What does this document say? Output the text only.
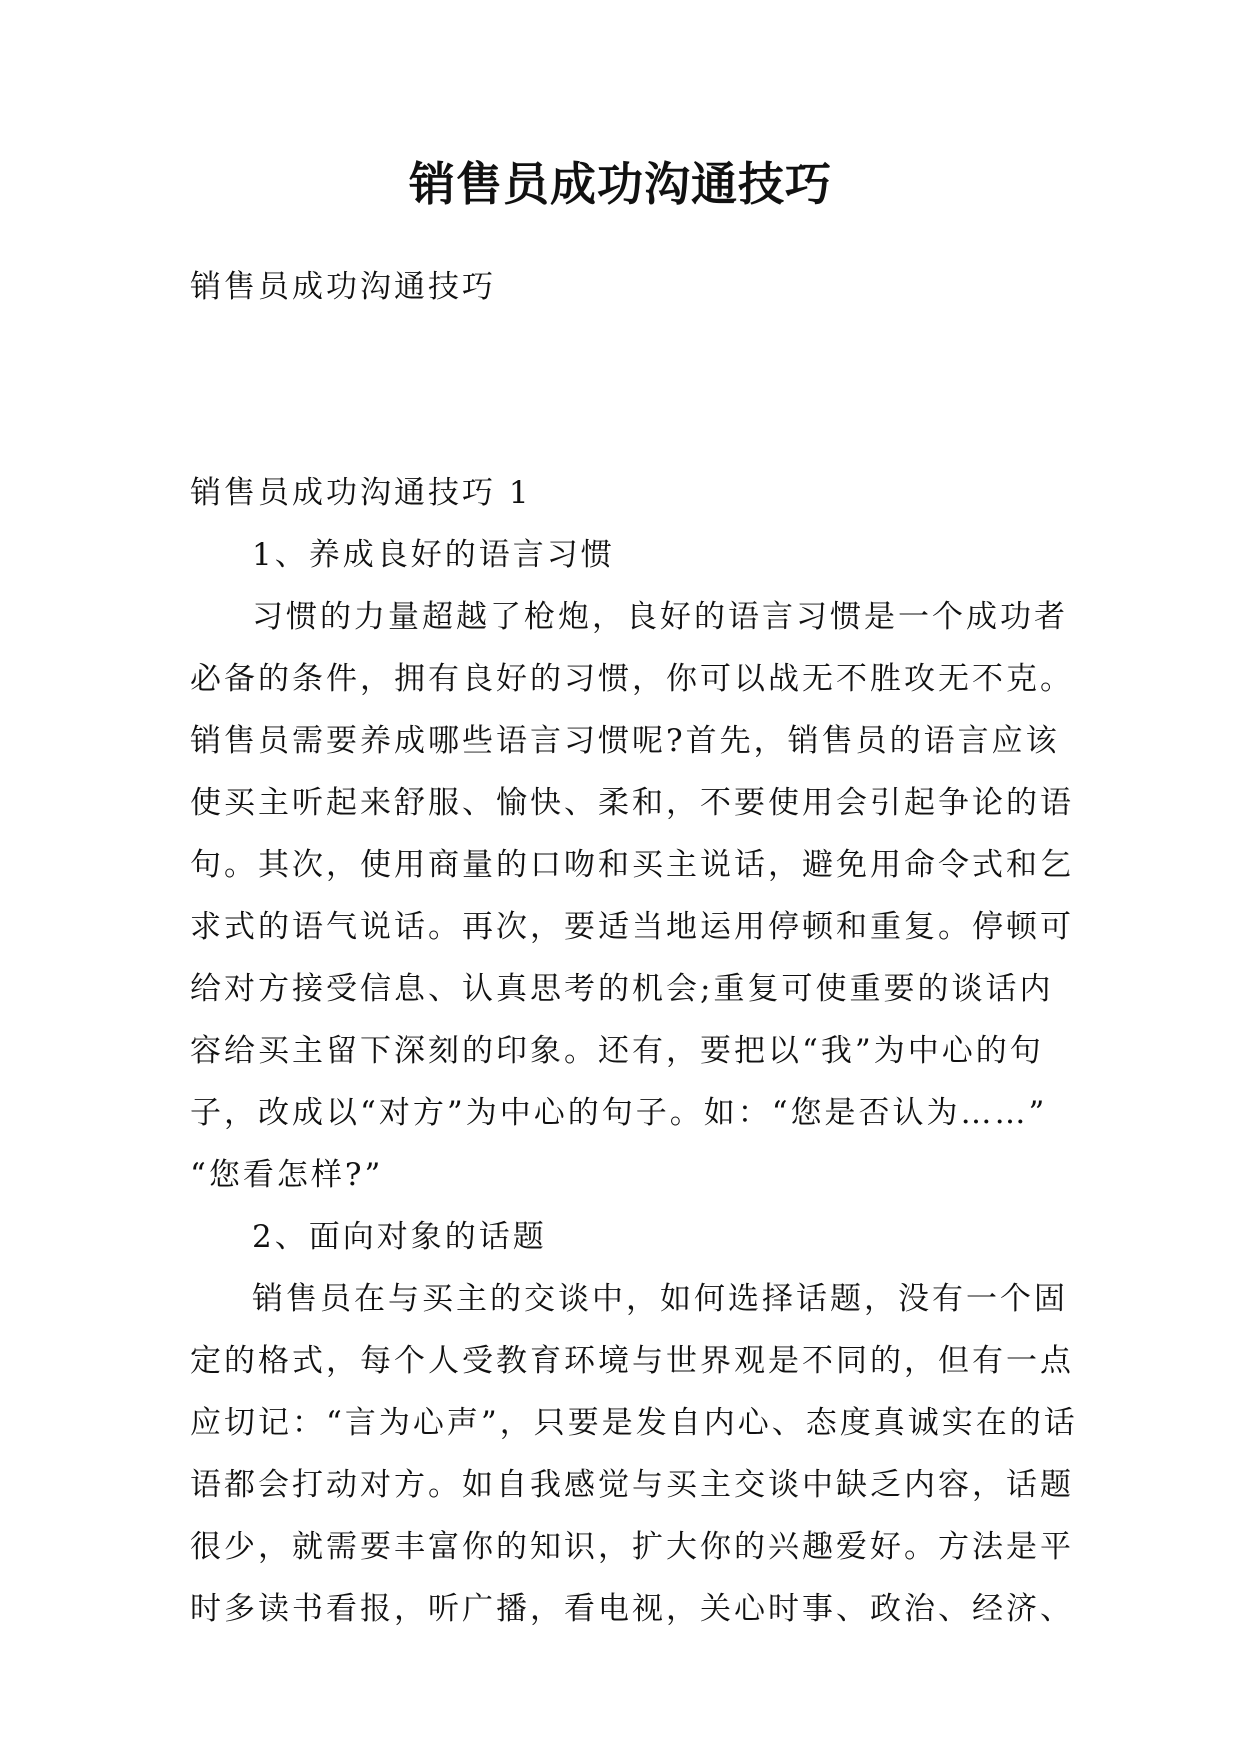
销售员成功沟通技巧
销售员成功沟通技巧
销售员成功沟通技巧 1
1、养成良好的语言习惯
习惯的力量超越了枪炮，良好的语言习惯是一个成功者
必备的条件，拥有良好的习惯，你可以战无不胜攻无不克。
销售员需要养成哪些语言习惯呢?首先，销售员的语言应该
使买主听起来舒服、愉快、柔和，不要使用会引起争论的语
句。其次，使用商量的口吻和买主说话，避免用命令式和乞
求式的语气说话。再次，要适当地运用停顿和重复。停顿可
给对方接受信息、认真思考的机会;重复可使重要的谈话内
容给买主留下深刻的印象。还有，要把以“我”为中心的句
子，改成以“对方”为中心的句子。如：“您是否认为……”
“您看怎样?”
2、面向对象的话题
销售员在与买主的交谈中，如何选择话题，没有一个固
定的格式，每个人受教育环境与世界观是不同的，但有一点
应切记：“言为心声”，只要是发自内心、态度真诚实在的话
语都会打动对方。如自我感觉与买主交谈中缺乏内容，话题
很少，就需要丰富你的知识，扩大你的兴趣爱好。方法是平
时多读书看报，听广播，看电视，关心时事、政治、经济、
